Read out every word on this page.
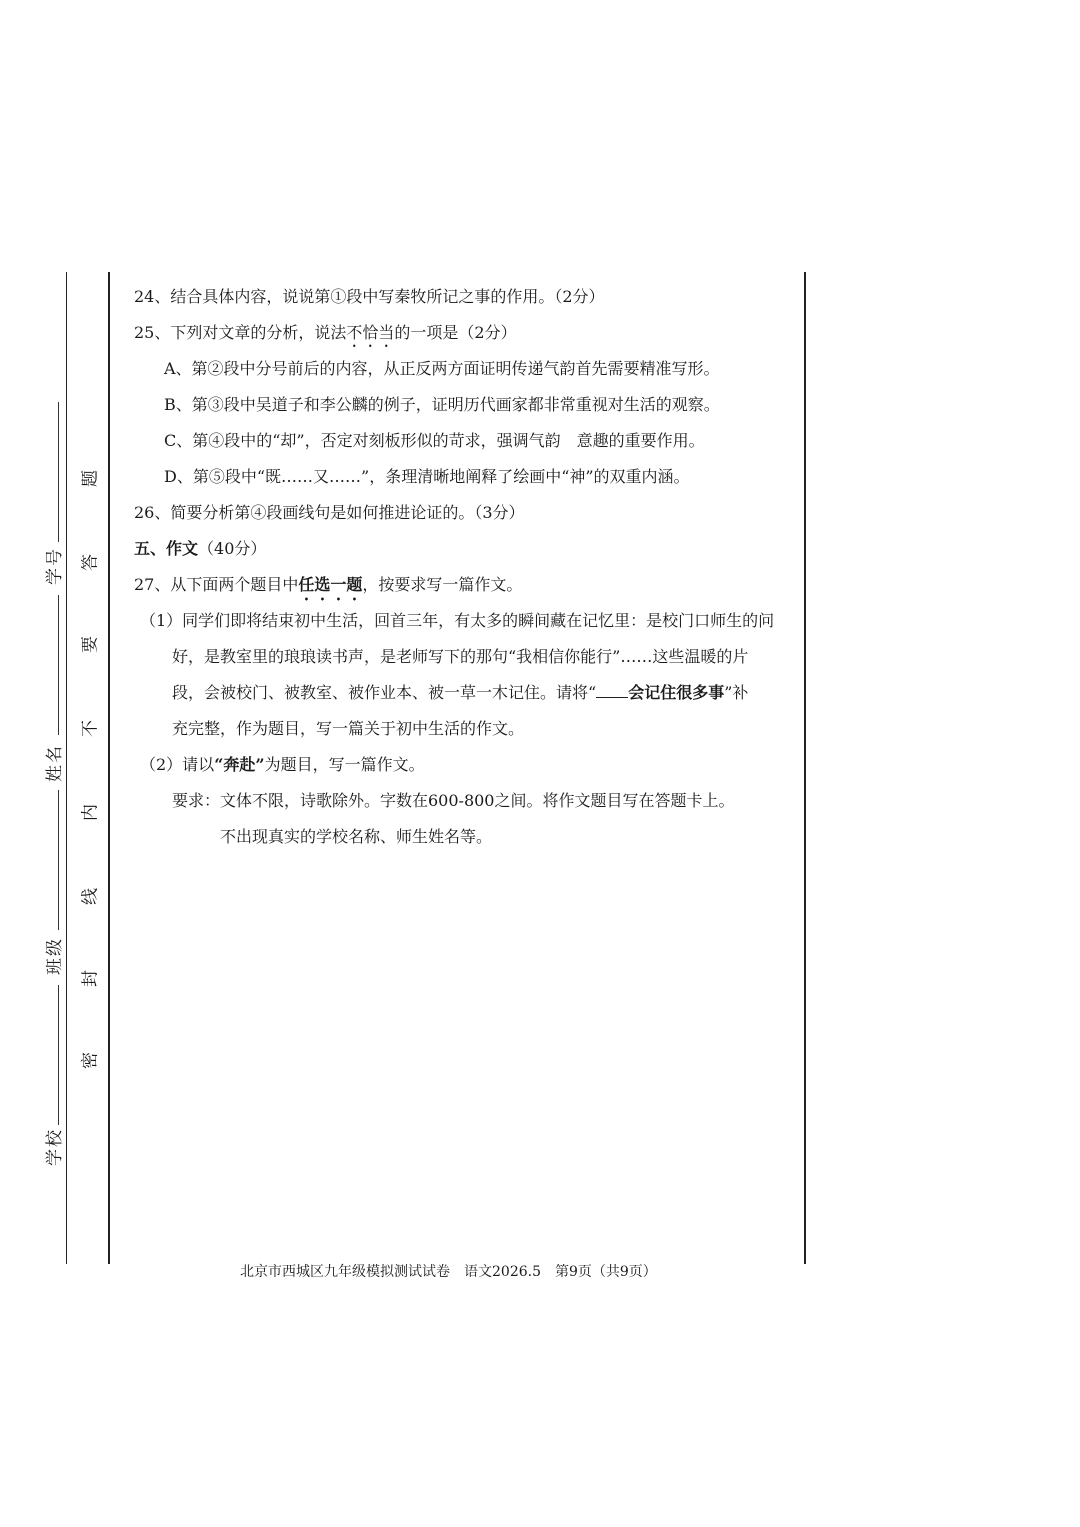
学号
姓名
班级
学校
题
答
要
不
内
线
封
密
24、结合具体内容，说说第①段中写秦牧所记之事的作用。（2分）
25、下列对文章的分析，说法不恰当的一项是（2分）
A、第②段中分号前后的内容，从正反两方面证明传递气韵首先需要精准写形。
B、第③段中吴道子和李公麟的例子，证明历代画家都非常重视对生活的观察。
C、第④段中的“却”，否定对刻板形似的苛求，强调气韵　意趣的重要作用。
D、第⑤段中“既……又……”，条理清晰地阐释了绘画中“神”的双重内涵。
26、简要分析第④段画线句是如何推进论证的。（3分）
五、作文（40分）
27、从下面两个题目中任选一题，按要求写一篇作文。
（1）同学们即将结束初中生活，回首三年，有太多的瞬间藏在记忆里：是校门口师生的问
好，是教室里的琅琅读书声，是老师写下的那句“我相信你能行”……这些温暖的片
段，会被校门、被教室、被作业本、被一草一木记住。请将“ 会记住很多事”补
充完整，作为题目，写一篇关于初中生活的作文。
（2）请以“奔赴”为题目，写一篇作文。
要求：文体不限，诗歌除外。字数在600-800之间。将作文题目写在答题卡上。
不出现真实的学校名称、师生姓名等。
北京市西城区九年级模拟测试试卷　语文2026.5　第9页（共9页）
